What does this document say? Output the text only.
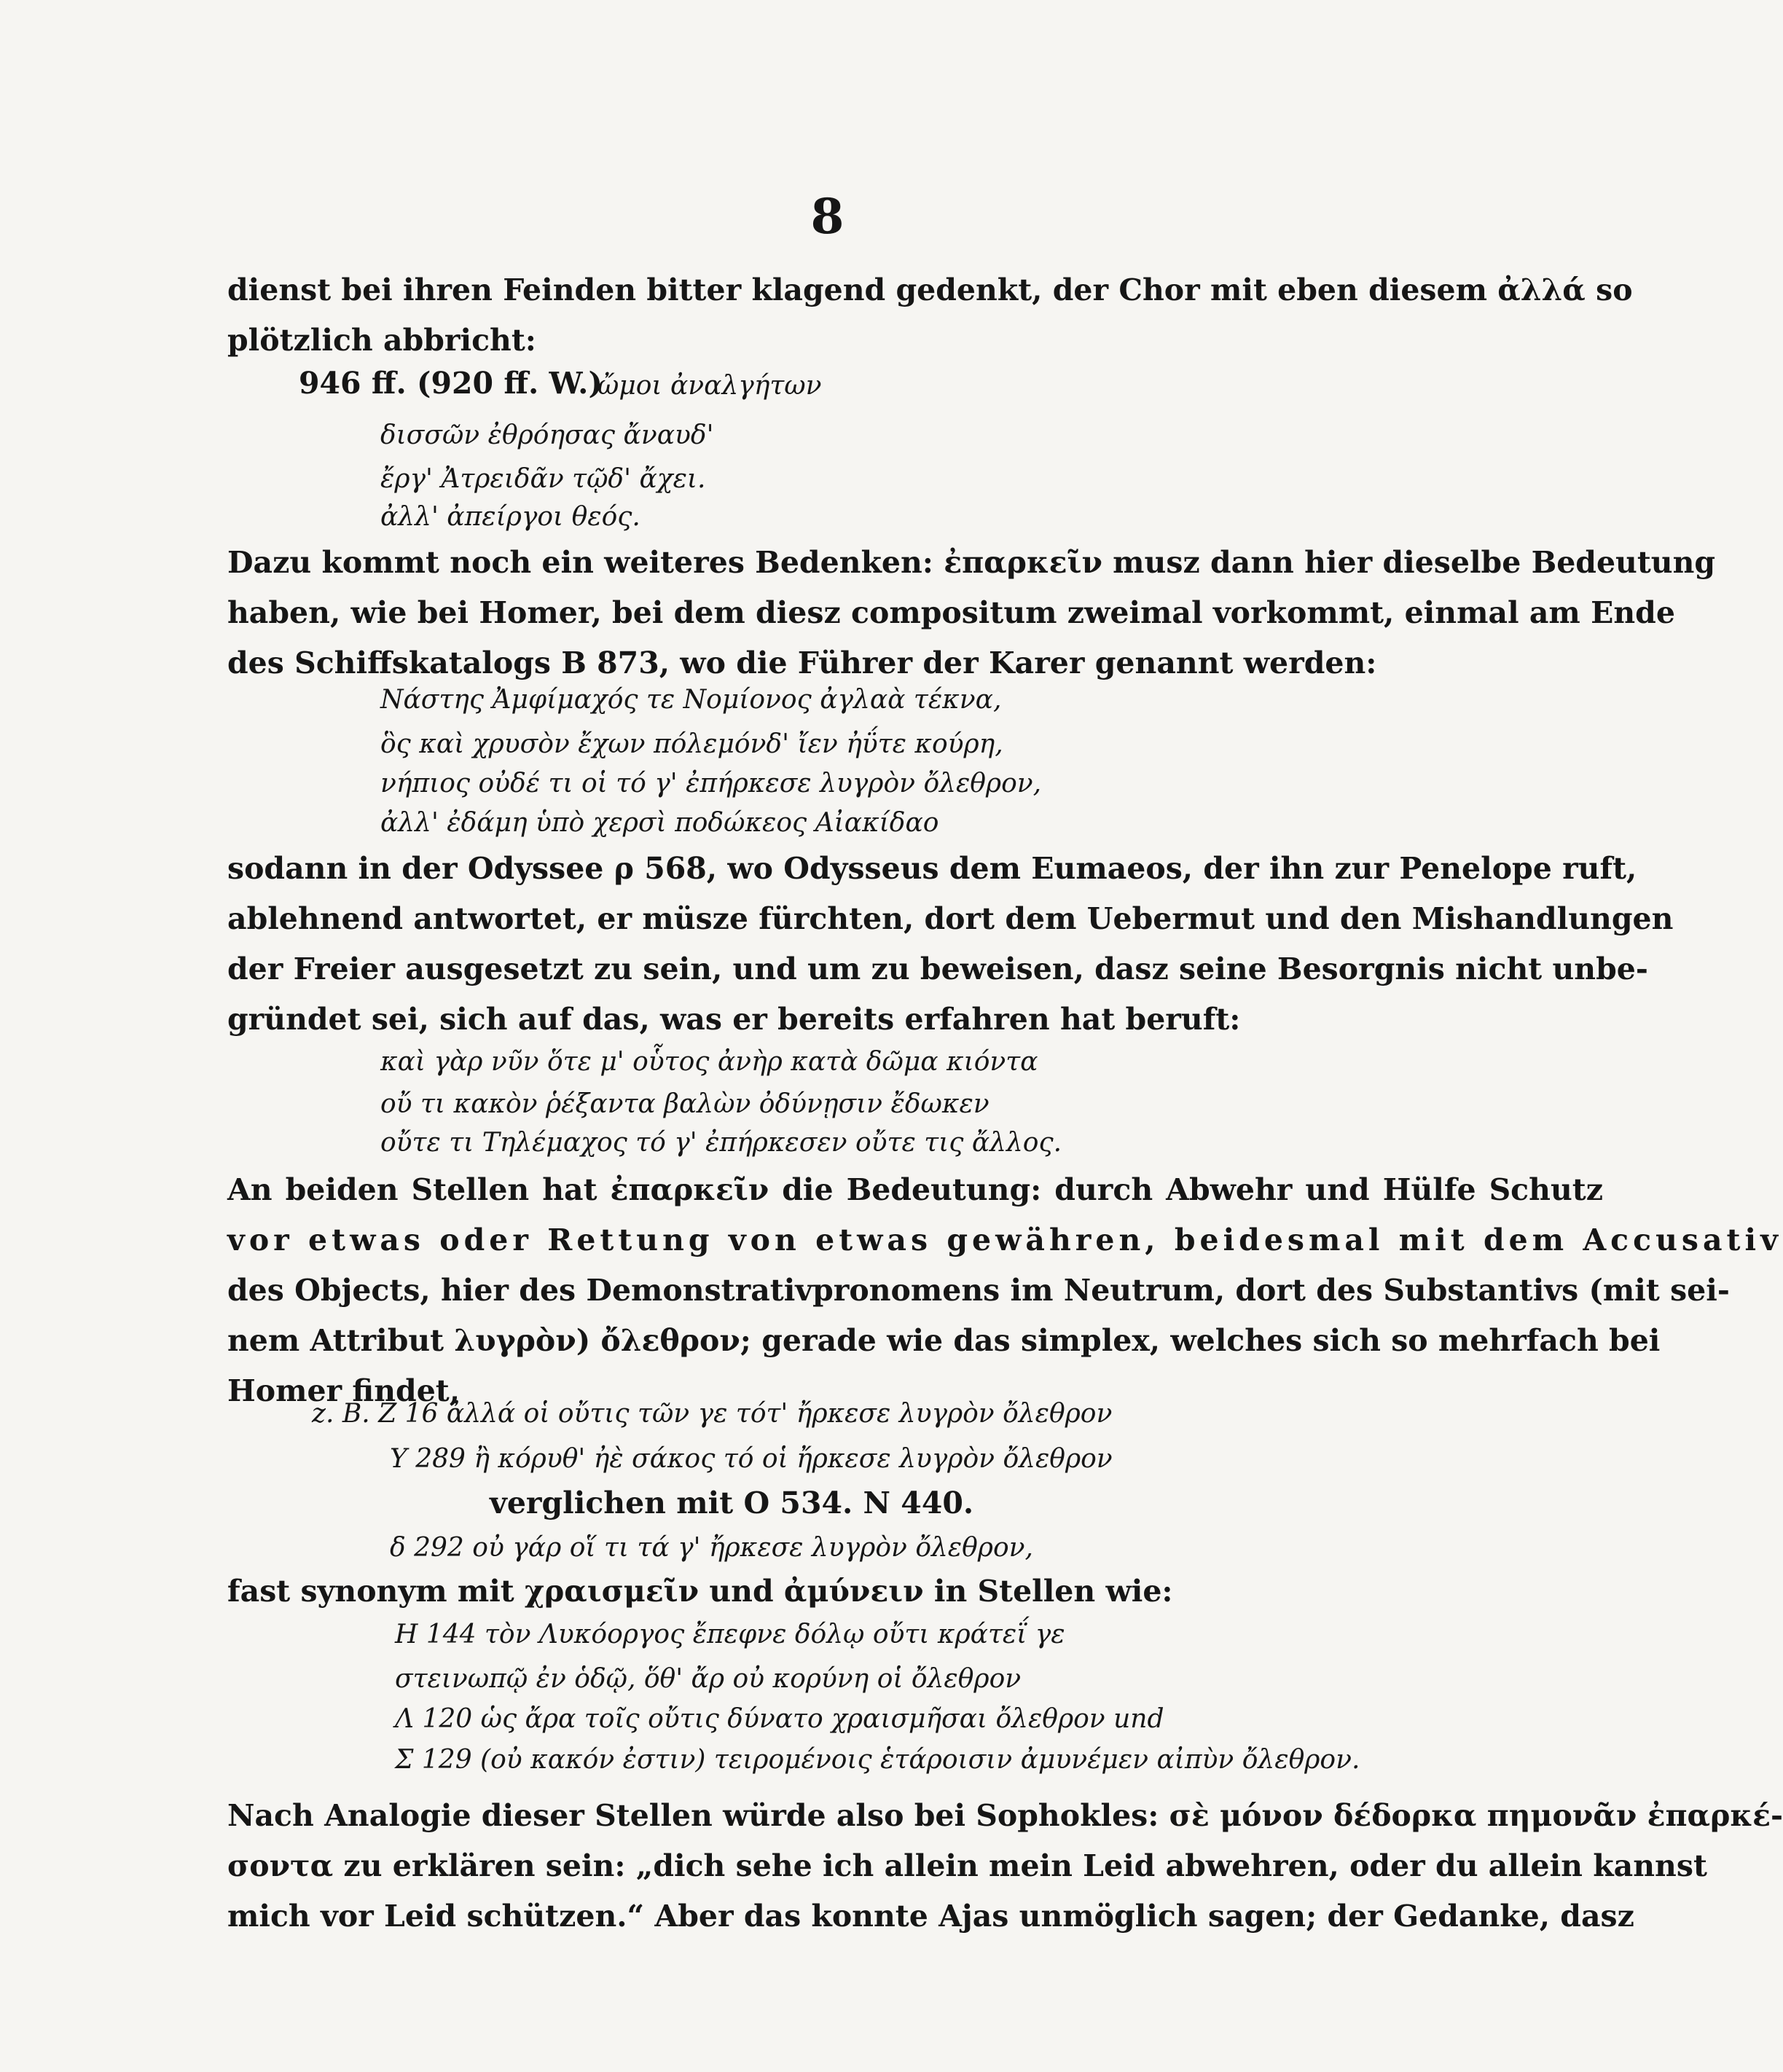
8
dienst bei ihren Feinden bitter klagend gedenkt, der Chor mit eben diesem ἀλλά so
plötzlich abbricht:
946 ff. (920 ff. W.)
ὤμοι ἀναλγήτων
δισσῶν ἐθρόησας ἄναυδ'
ἔργ' Ἀτρειδᾶν τῷδ' ἄχει.
ἀλλ' ἀπείργοι θεός.
Dazu kommt noch ein weiteres Bedenken: ἐπαρκεῖν musz dann hier dieselbe Bedeutung
haben, wie bei Homer, bei dem diesz compositum zweimal vorkommt, einmal am Ende
des Schiffskatalogs B 873, wo die Führer der Karer genannt werden:
Νάστης Ἀμφίμαχός τε Νομίονος ἀγλαὰ τέκνα,
ὃς καὶ χρυσὸν ἔχων πόλεμόνδ' ἴεν ἠΰτε κούρη,
νήπιος οὐδέ τι οἱ τό γ' ἐπήρκεσε λυγρὸν ὄλεθρον,
ἀλλ' ἐδάμη ὑπὸ χερσὶ ποδώκεος Αἰακίδαο
sodann in der Odyssee ρ 568, wo Odysseus dem Eumaeos, der ihn zur Penelope ruft,
ablehnend antwortet, er müsze fürchten, dort dem Uebermut und den Mishandlungen
der Freier ausgesetzt zu sein, und um zu beweisen, dasz seine Besorgnis nicht unbe-
gründet sei, sich auf das, was er bereits erfahren hat beruft:
καὶ γὰρ νῦν ὅτε μ' οὗτος ἀνὴρ κατὰ δῶμα κιόντα
οὔ τι κακὸν ῥέξαντα βαλὼν ὀδύνῃσιν ἔδωκεν
οὔτε τι Τηλέμαχος τό γ' ἐπήρκεσεν οὔτε τις ἄλλος.
An beiden Stellen hat ἐπαρκεῖν die Bedeutung: durch Abwehr und Hülfe Schutz
vor etwas oder Rettung von etwas gewähren, beidesmal mit dem Accusativ
des Objects, hier des Demonstrativpronomens im Neutrum, dort des Substantivs (mit sei-
nem Attribut λυγρὸν) ὄλεθρον; gerade wie das simplex, welches sich so mehrfach bei
Homer findet,
z. B. Ζ 16 ἀλλά οἱ οὔτις τῶν γε τότ' ἤρκεσε λυγρὸν ὄλεθρον
Υ 289 ἢ κόρυθ' ἠὲ σάκος τό οἱ ἤρκεσε λυγρὸν ὄλεθρον
verglichen mit Ο 534. Ν 440.
δ 292 οὐ γάρ οἵ τι τά γ' ἤρκεσε λυγρὸν ὄλεθρον,
fast synonym mit χραισμεῖν und ἀμύνειν in Stellen wie:
Η 144 τὸν Λυκόοργος ἔπεφνε δόλῳ οὔτι κράτεΐ γε
στεινωπῷ ἐν ὁδῷ, ὅθ' ἄρ οὐ κορύνη οἱ ὄλεθρον
Λ 120 ὡς ἄρα τοῖς οὔτις δύνατο χραισμῆσαι ὄλεθρον und
Σ 129 (οὐ κακόν ἐστιν) τειρομένοις ἑτάροισιν ἀμυνέμεν αἰπὺν ὄλεθρον.
Nach Analogie dieser Stellen würde also bei Sophokles: σὲ μόνον δέδορκα πημονᾶν ἐπαρκέ-
σοντα zu erklären sein: „dich sehe ich allein mein Leid abwehren, oder du allein kannst
mich vor Leid schützen.“ Aber das konnte Ajas unmöglich sagen; der Gedanke, dasz
